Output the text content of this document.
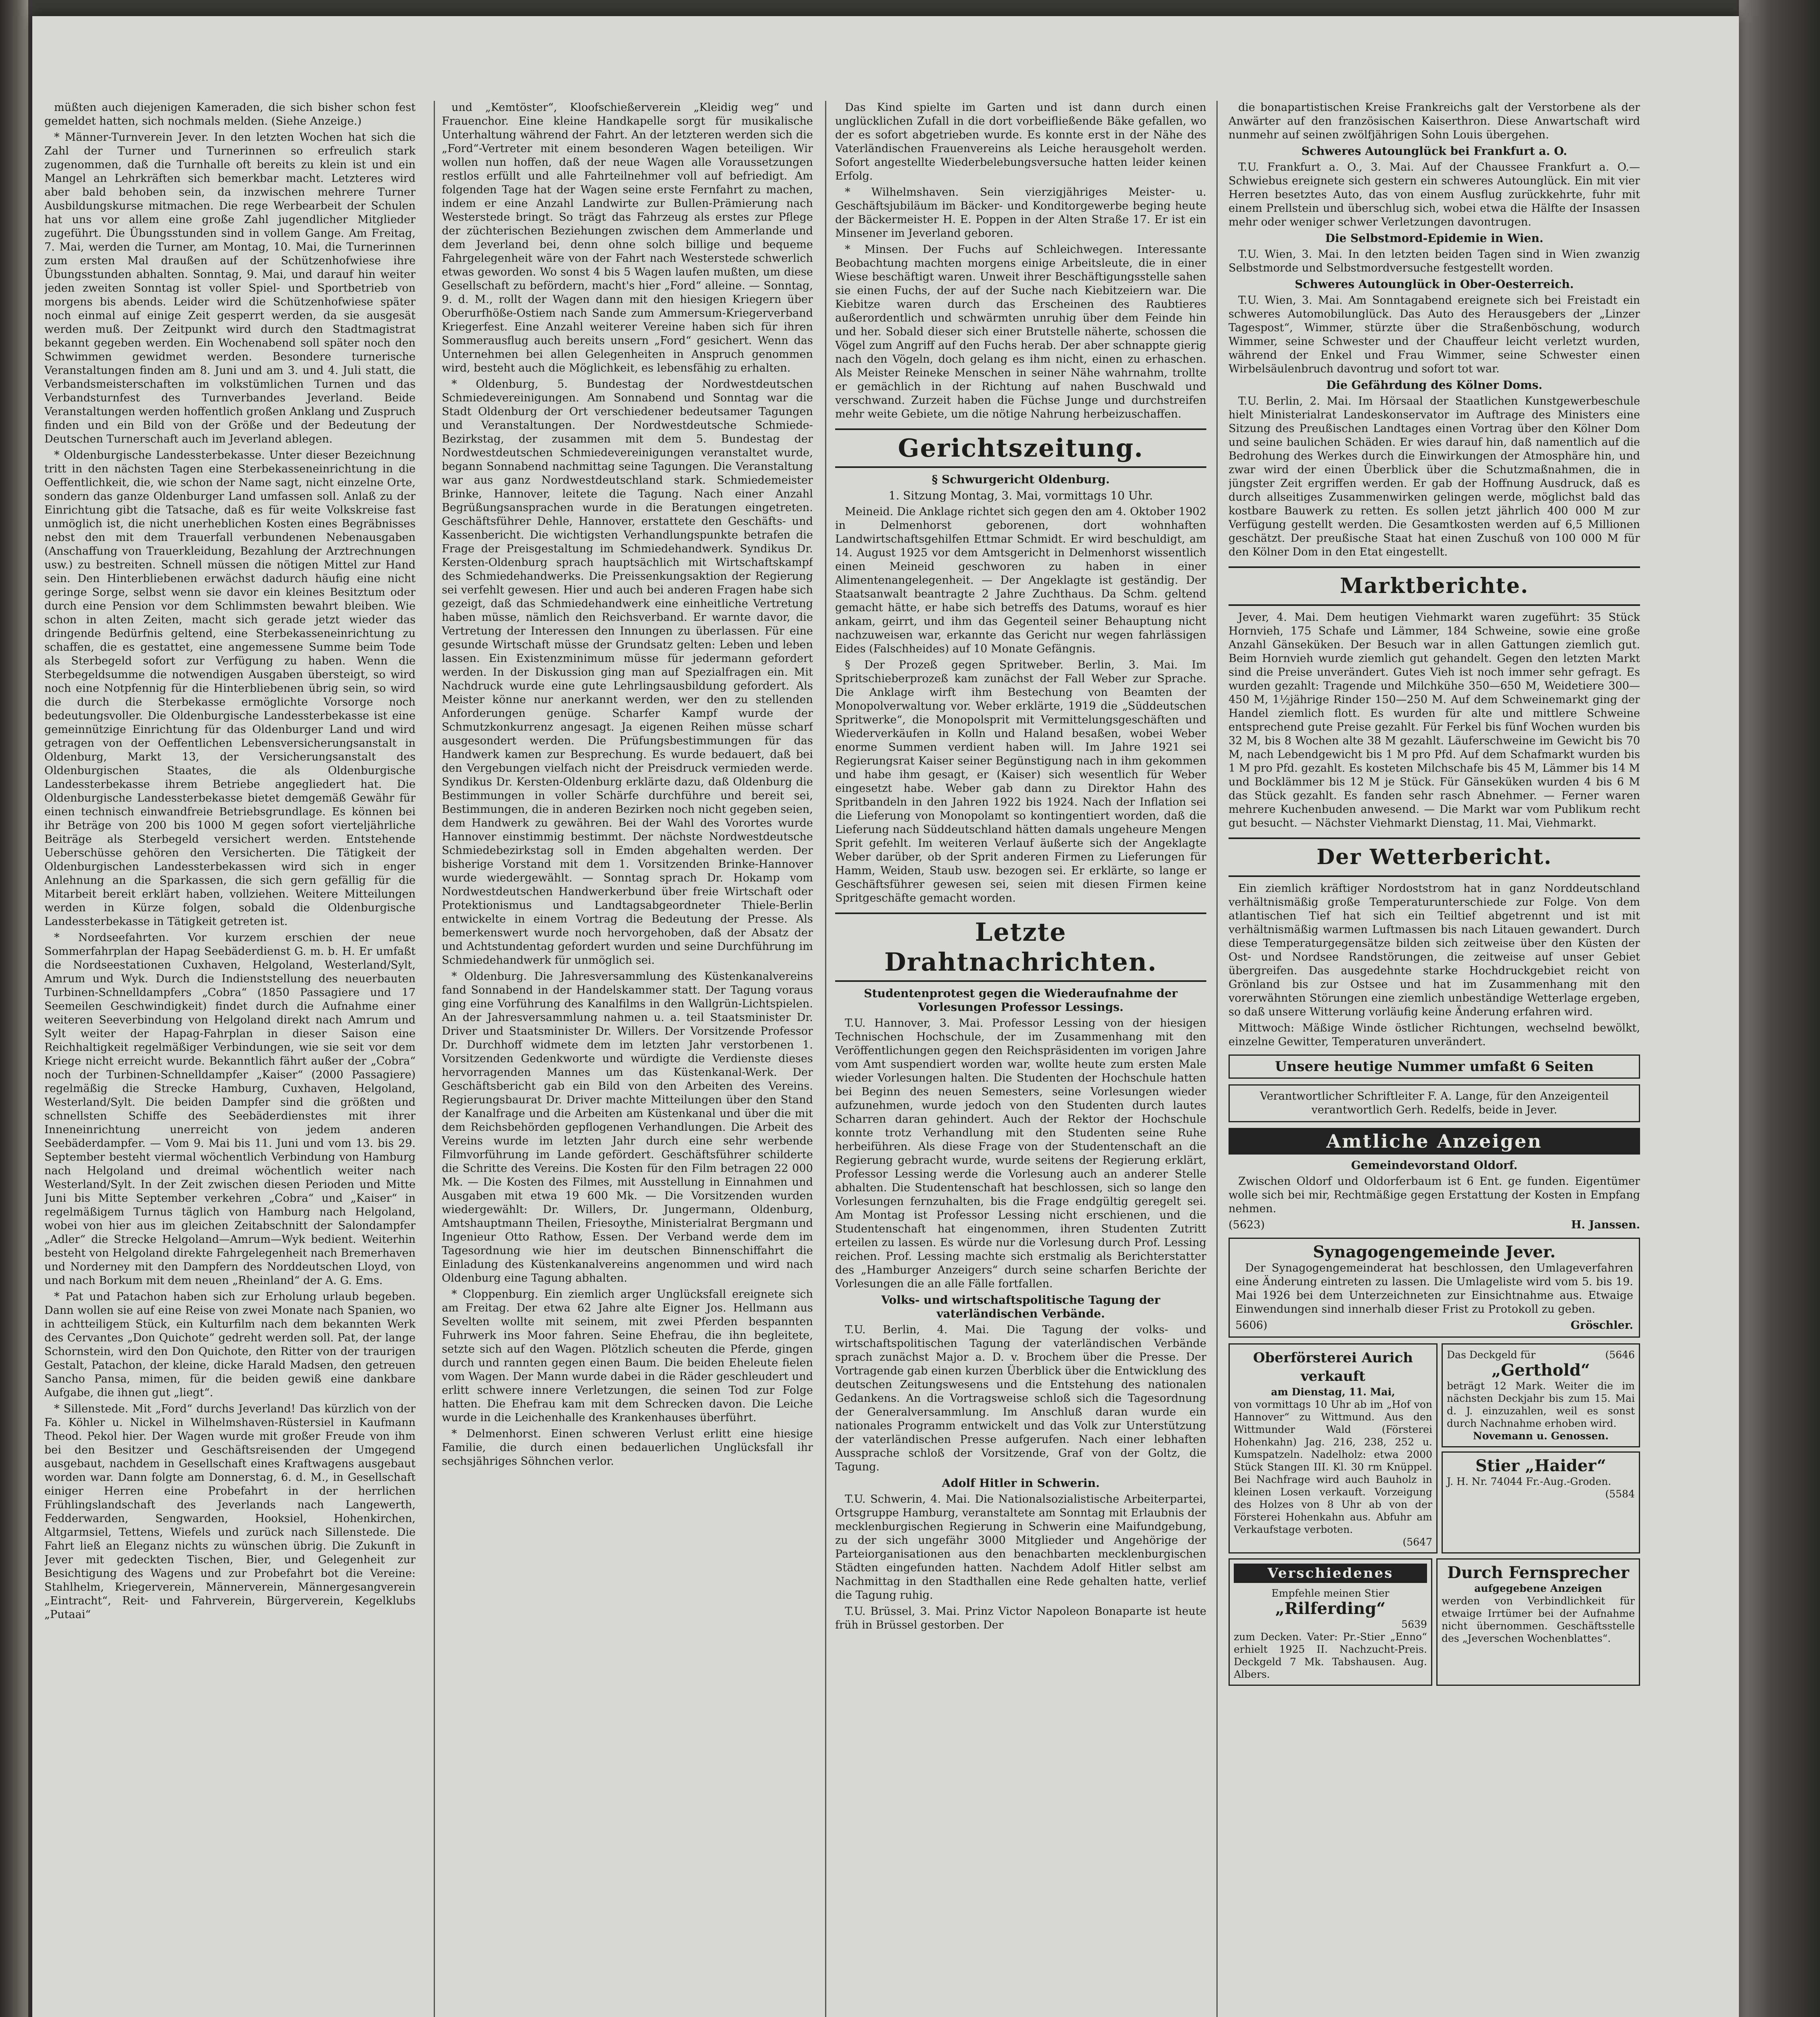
müßten auch diejenigen Kameraden, die sich bisher schon fest gemeldet hatten, sich nochmals melden. (Siehe Anzeige.)

* Männer-Turnverein Jever. In den letzten Wochen hat sich die Zahl der Turner und Turnerinnen so erfreulich stark zugenommen, daß die Turnhalle oft bereits zu klein ist und ein Mangel an Lehrkräften sich bemerkbar macht. Letzteres wird aber bald behoben sein, da inzwischen mehrere Turner Ausbildungskurse mitmachen. Die rege Werbearbeit der Schulen hat uns vor allem eine große Zahl jugendlicher Mitglieder zugeführt. Die Übungsstunden sind in vollem Gange. Am Freitag, 7. Mai, werden die Turner, am Montag, 10. Mai, die Turnerinnen zum ersten Mal draußen auf der Schützenhofwiese ihre Übungsstunden abhalten. Sonntag, 9. Mai, und darauf hin weiter jeden zweiten Sonntag ist voller Spiel- und Sportbetrieb von morgens bis abends. Leider wird die Schützenhofwiese später noch einmal auf einige Zeit gesperrt werden, da sie ausgesät werden muß. Der Zeitpunkt wird durch den Stadtmagistrat bekannt gegeben werden. Ein Wochenabend soll später noch den Schwimmen gewidmet werden. Besondere turnerische Veranstaltungen finden am 8. Juni und am 3. und 4. Juli statt, die Verbandsmeisterschaften im volkstümlichen Turnen und das Verbandsturnfest des Turnverbandes Jeverland. Beide Veranstaltungen werden hoffentlich großen Anklang und Zuspruch finden und ein Bild von der Größe und der Bedeutung der Deutschen Turnerschaft auch im Jeverland ablegen.

* Oldenburgische Landessterbekasse. Unter dieser Bezeichnung tritt in den nächsten Tagen eine Sterbekasseneinrichtung in die Oeffentlichkeit, die, wie schon der Name sagt, nicht einzelne Orte, sondern das ganze Oldenburger Land umfassen soll. Anlaß zu der Einrichtung gibt die Tatsache, daß es für weite Volkskreise fast unmöglich ist, die nicht unerheblichen Kosten eines Begräbnisses nebst den mit dem Trauerfall verbundenen Nebenausgaben (Anschaffung von Trauerkleidung, Bezahlung der Arztrechnungen usw.) zu bestreiten. Schnell müssen die nötigen Mittel zur Hand sein. Den Hinterbliebenen erwächst dadurch häufig eine nicht geringe Sorge, selbst wenn sie davor ein kleines Besitztum oder durch eine Pension vor dem Schlimmsten bewahrt bleiben. Wie schon in alten Zeiten, macht sich gerade jetzt wieder das dringende Bedürfnis geltend, eine Sterbekasseneinrichtung zu schaffen, die es gestattet, eine angemessene Summe beim Tode als Sterbegeld sofort zur Verfügung zu haben. Wenn die Sterbegeldsumme die notwendigen Ausgaben übersteigt, so wird noch eine Notpfennig für die Hinterbliebenen übrig sein, so wird die durch die Sterbekasse ermöglichte Vorsorge noch bedeutungsvoller. Die Oldenburgische Landessterbekasse ist eine gemeinnützige Einrichtung für das Oldenburger Land und wird getragen von der Oeffentlichen Lebensversicherungsanstalt in Oldenburg, Markt 13, der Versicherungsanstalt des Oldenburgischen Staates, die als Oldenburgische Landessterbekasse ihrem Betriebe angegliedert hat. Die Oldenburgische Landessterbekasse bietet demgemäß Gewähr für einen technisch einwandfreie Betriebsgrundlage. Es können bei ihr Beträge von 200 bis 1000 M gegen sofort vierteljährliche Beiträge als Sterbegeld versichert werden. Entstehende Ueberschüsse gehören den Versicherten. Die Tätigkeit der Oldenburgischen Landessterbekassen wird sich in enger Anlehnung an die Sparkassen, die sich gern gefällig für die Mitarbeit bereit erklärt haben, vollziehen. Weitere Mitteilungen werden in Kürze folgen, sobald die Oldenburgische Landessterbekasse in Tätigkeit getreten ist.

* Nordseefahrten. Vor kurzem erschien der neue Sommerfahrplan der Hapag Seebäderdienst G. m. b. H. Er umfaßt die Nordseestationen Cuxhaven, Helgoland, Westerland/Sylt, Amrum und Wyk. Durch die Indienststellung des neuerbauten Turbinen-Schnelldampfers „Cobra“ (1850 Passagiere und 17 Seemeilen Geschwindigkeit) findet durch die Aufnahme einer weiteren Seeverbindung von Helgoland direkt nach Amrum und Sylt weiter der Hapag-Fahrplan in dieser Saison eine Reichhaltigkeit regelmäßiger Verbindungen, wie sie seit vor dem Kriege nicht erreicht wurde. Bekanntlich fährt außer der „Cobra“ noch der Turbinen-Schnelldampfer „Kaiser“ (2000 Passagiere) regelmäßig die Strecke Hamburg, Cuxhaven, Helgoland, Westerland/Sylt. Die beiden Dampfer sind die größten und schnellsten Schiffe des Seebäderdienstes mit ihrer Inneneinrichtung unerreicht von jedem anderen Seebäderdampfer. — Vom 9. Mai bis 11. Juni und vom 13. bis 29. September besteht viermal wöchentlich Verbindung von Hamburg nach Helgoland und dreimal wöchentlich weiter nach Westerland/Sylt. In der Zeit zwischen diesen Perioden und Mitte Juni bis Mitte September verkehren „Cobra“ und „Kaiser“ in regelmäßigem Turnus täglich von Hamburg nach Helgoland, wobei von hier aus im gleichen Zeitabschnitt der Salondampfer „Adler“ die Strecke Helgoland—Amrum—Wyk bedient. Weiterhin besteht von Helgoland direkte Fahrgelegenheit nach Bremerhaven und Norderney mit den Dampfern des Norddeutschen Lloyd, von und nach Borkum mit dem neuen „Rheinland“ der A. G. Ems.

* Pat und Patachon haben sich zur Erholung urlaub begeben. Dann wollen sie auf eine Reise von zwei Monate nach Spanien, wo in achtteiligem Stück, ein Kulturfilm nach dem bekannten Werk des Cervantes „Don Quichote“ gedreht werden soll. Pat, der lange Schornstein, wird den Don Quichote, den Ritter von der traurigen Gestalt, Patachon, der kleine, dicke Harald Madsen, den getreuen Sancho Pansa, mimen, für die beiden gewiß eine dankbare Aufgabe, die ihnen gut „liegt“.

* Sillenstede. Mit „Ford“ durchs Jeverland! Das kürzlich von der Fa. Köhler u. Nickel in Wilhelmshaven-Rüstersiel in Kaufmann Theod. Pekol hier. Der Wagen wurde mit großer Freude von ihm bei den Besitzer und Geschäftsreisenden der Umgegend ausgebaut, nachdem in Gesellschaft eines Kraftwagens ausgebaut worden war. Dann folgte am Donnerstag, 6. d. M., in Gesellschaft einiger Herren eine Probefahrt in der herrlichen Frühlingslandschaft des Jeverlands nach Langewerth, Fedderwarden, Sengwarden, Hooksiel, Hohenkirchen, Altgarmsiel, Tettens, Wiefels und zurück nach Sillenstede. Die Fahrt ließ an Eleganz nichts zu wünschen übrig. Die Zukunft in Jever mit gedeckten Tischen, Bier, und Gelegenheit zur Besichtigung des Wagens und zur Probefahrt bot die Vereine: Stahlhelm, Kriegerverein, Männerverein, Männergesangverein „Eintracht“, Reit- und Fahrverein, Bürgerverein, Kegelklubs „Putaai“

und „Kemtöster“, Kloofschießerverein „Kleidig weg“ und Frauenchor. Eine kleine Handkapelle sorgt für musikalische Unterhaltung während der Fahrt. An der letzteren werden sich die „Ford“-Vertreter mit einem besonderen Wagen beteiligen. Wir wollen nun hoffen, daß der neue Wagen alle Voraussetzungen restlos erfüllt und alle Fahrteilnehmer voll auf befriedigt. Am folgenden Tage hat der Wagen seine erste Fernfahrt zu machen, indem er eine Anzahl Landwirte zur Bullen-Prämierung nach Westerstede bringt. So trägt das Fahrzeug als erstes zur Pflege der züchterischen Beziehungen zwischen dem Ammerlande und dem Jeverland bei, denn ohne solch billige und bequeme Fahrgelegenheit wäre von der Fahrt nach Westerstede schwerlich etwas geworden. Wo sonst 4 bis 5 Wagen laufen mußten, um diese Gesellschaft zu befördern, macht's hier „Ford“ alleine. — Sonntag, 9. d. M., rollt der Wagen dann mit den hiesigen Kriegern über Oberurfhöße-Ostiem nach Sande zum Ammersum-Kriegerverband Kriegerfest. Eine Anzahl weiterer Vereine haben sich für ihren Sommerausflug auch bereits unsern „Ford“ gesichert. Wenn das Unternehmen bei allen Gelegenheiten in Anspruch genommen wird, besteht auch die Möglichkeit, es lebensfähig zu erhalten.

* Oldenburg, 5. Bundestag der Nordwestdeutschen Schmiedevereinigungen. Am Sonnabend und Sonntag war die Stadt Oldenburg der Ort verschiedener bedeutsamer Tagungen und Veranstaltungen. Der Nordwestdeutsche Schmiede-Bezirkstag, der zusammen mit dem 5. Bundestag der Nordwestdeutschen Schmiedevereinigungen veranstaltet wurde, begann Sonnabend nachmittag seine Tagungen. Die Veranstaltung war aus ganz Nordwestdeutschland stark. Schmiedemeister Brinke, Hannover, leitete die Tagung. Nach einer Anzahl Begrüßungsansprachen wurde in die Beratungen eingetreten. Geschäftsführer Dehle, Hannover, erstattete den Geschäfts- und Kassenbericht. Die wichtigsten Verhandlungspunkte betrafen die Frage der Preisgestaltung im Schmiedehandwerk. Syndikus Dr. Kersten-Oldenburg sprach hauptsächlich mit Wirtschaftskampf des Schmiedehandwerks. Die Preissenkungsaktion der Regierung sei verfehlt gewesen. Hier und auch bei anderen Fragen habe sich gezeigt, daß das Schmiedehandwerk eine einheitliche Vertretung haben müsse, nämlich den Reichsverband. Er warnte davor, die Vertretung der Interessen den Innungen zu überlassen. Für eine gesunde Wirtschaft müsse der Grundsatz gelten: Leben und leben lassen. Ein Existenzminimum müsse für jedermann gefordert werden. In der Diskussion ging man auf Spezialfragen ein. Mit Nachdruck wurde eine gute Lehrlingsausbildung gefordert. Als Meister könne nur anerkannt werden, wer den zu stellenden Anforderungen genüge. Scharfer Kampf wurde der Schmutzkonkurrenz angesagt. Ja eigenen Reihen müsse scharf ausgesondert werden. Die Prüfungsbestimmungen für das Handwerk kamen zur Besprechung. Es wurde bedauert, daß bei den Vergebungen vielfach nicht der Preisdruck vermieden werde. Syndikus Dr. Kersten-Oldenburg erklärte dazu, daß Oldenburg die Bestimmungen in voller Schärfe durchführe und bereit sei, Bestimmungen, die in anderen Bezirken noch nicht gegeben seien, dem Handwerk zu gewähren. Bei der Wahl des Vorortes wurde Hannover einstimmig bestimmt. Der nächste Nordwestdeutsche Schmiedebezirkstag soll in Emden abgehalten werden. Der bisherige Vorstand mit dem 1. Vorsitzenden Brinke-Hannover wurde wiedergewählt. — Sonntag sprach Dr. Hokamp vom Nordwestdeutschen Handwerkerbund über freie Wirtschaft oder Protektionismus und Landtagsabgeordneter Thiele-Berlin entwickelte in einem Vortrag die Bedeutung der Presse. Als bemerkenswert wurde noch hervorgehoben, daß der Absatz der und Achtstundentag gefordert wurden und seine Durchführung im Schmiedehandwerk für unmöglich sei.

* Oldenburg. Die Jahresversammlung des Küstenkanalvereins fand Sonnabend in der Handelskammer statt. Der Tagung voraus ging eine Vorführung des Kanalfilms in den Wallgrün-Lichtspielen. An der Jahresversammlung nahmen u. a. teil Staatsminister Dr. Driver und Staatsminister Dr. Willers. Der Vorsitzende Professor Dr. Durchhoff widmete dem im letzten Jahr verstorbenen 1. Vorsitzenden Gedenkworte und würdigte die Verdienste dieses hervorragenden Mannes um das Küstenkanal-Werk. Der Geschäftsbericht gab ein Bild von den Arbeiten des Vereins. Regierungsbaurat Dr. Driver machte Mitteilungen über den Stand der Kanalfrage und die Arbeiten am Küstenkanal und über die mit dem Reichsbehörden gepflogenen Verhandlungen. Die Arbeit des Vereins wurde im letzten Jahr durch eine sehr werbende Filmvorführung im Lande gefördert. Geschäftsführer schilderte die Schritte des Vereins. Die Kosten für den Film betragen 22 000 Mk. — Die Kosten des Filmes, mit Ausstellung in Einnahmen und Ausgaben mit etwa 19 600 Mk. — Die Vorsitzenden wurden wiedergewählt: Dr. Willers, Dr. Jungermann, Oldenburg, Amtshauptmann Theilen, Friesoythe, Ministerialrat Bergmann und Ingenieur Otto Rathow, Essen. Der Verband werde dem im Tagesordnung wie hier im deutschen Binnenschiffahrt die Einladung des Küstenkanalvereins angenommen und wird nach Oldenburg eine Tagung abhalten.

* Cloppenburg. Ein ziemlich arger Unglücksfall ereignete sich am Freitag. Der etwa 62 Jahre alte Eigner Jos. Hellmann aus Sevelten wollte mit seinem, mit zwei Pferden bespannten Fuhrwerk ins Moor fahren. Seine Ehefrau, die ihn begleitete, setzte sich auf den Wagen. Plötzlich scheuten die Pferde, gingen durch und rannten gegen einen Baum. Die beiden Eheleute fielen vom Wagen. Der Mann wurde dabei in die Räder geschleudert und erlitt schwere innere Verletzungen, die seinen Tod zur Folge hatten. Die Ehefrau kam mit dem Schrecken davon. Die Leiche wurde in die Leichenhalle des Krankenhauses überführt.

* Delmenhorst. Einen schweren Verlust erlitt eine hiesige Familie, die durch einen bedauerlichen Unglücksfall ihr sechsjähriges Söhnchen verlor.

Das Kind spielte im Garten und ist dann durch einen unglücklichen Zufall in die dort vorbeifließende Bäke gefallen, wo der es sofort abgetrieben wurde. Es konnte erst in der Nähe des Vaterländischen Frauenvereins als Leiche herausgeholt werden. Sofort angestellte Wiederbelebungsversuche hatten leider keinen Erfolg.

* Wilhelmshaven. Sein vierzigjähriges Meister- u. Geschäftsjubiläum im Bäcker- und Konditorgewerbe beging heute der Bäckermeister H. E. Poppen in der Alten Straße 17. Er ist ein Minsener im Jeverland geboren.

* Minsen. Der Fuchs auf Schleichwegen. Interessante Beobachtung machten morgens einige Arbeitsleute, die in einer Wiese beschäftigt waren. Unweit ihrer Beschäftigungsstelle sahen sie einen Fuchs, der auf der Suche nach Kiebitzeiern war. Die Kiebitze waren durch das Erscheinen des Raubtieres außerordentlich und schwärmten unruhig über dem Feinde hin und her. Sobald dieser sich einer Brutstelle näherte, schossen die Vögel zum Angriff auf den Fuchs herab. Der aber schnappte gierig nach den Vögeln, doch gelang es ihm nicht, einen zu erhaschen. Als Meister Reineke Menschen in seiner Nähe wahrnahm, trollte er gemächlich in der Richtung auf nahen Buschwald und verschwand. Zurzeit haben die Füchse Junge und durchstreifen mehr weite Gebiete, um die nötige Nahrung herbeizuschaffen.

Gerichtszeitung.
§ Schwurgericht Oldenburg.
1. Sitzung Montag, 3. Mai, vormittags 10 Uhr.

Meineid. Die Anklage richtet sich gegen den am 4. Oktober 1902 in Delmenhorst geborenen, dort wohnhaften Landwirtschaftsgehilfen Ettmar Schmidt. Er wird beschuldigt, am 14. August 1925 vor dem Amtsgericht in Delmenhorst wissentlich einen Meineid geschworen zu haben in einer Alimentenangelegenheit. — Der Angeklagte ist geständig. Der Staatsanwalt beantragte 2 Jahre Zuchthaus. Da Schm. geltend gemacht hätte, er habe sich betreffs des Datums, worauf es hier ankam, geirrt, und ihm das Gegenteil seiner Behauptung nicht nachzuweisen war, erkannte das Gericht nur wegen fahrlässigen Eides (Falschheides) auf 10 Monate Gefängnis.

§ Der Prozeß gegen Spritweber. Berlin, 3. Mai. Im Spritschieberprozeß kam zunächst der Fall Weber zur Sprache. Die Anklage wirft ihm Bestechung von Beamten der Monopolverwaltung vor. Weber erklärte, 1919 die „Süddeutschen Spritwerke“, die Monopolsprit mit Vermittelungsgeschäften und Wiederverkäufen in Kolln und Haland besaßen, wobei Weber enorme Summen verdient haben will. Im Jahre 1921 sei Regierungsrat Kaiser seiner Begünstigung nach in ihm gekommen und habe ihm gesagt, er (Kaiser) sich wesentlich für Weber eingesetzt habe. Weber gab dann zu Direktor Hahn des Spritbandeln in den Jahren 1922 bis 1924. Nach der Inflation sei die Lieferung von Monopolamt so kontingentiert worden, daß die Lieferung nach Süddeutschland hätten damals ungeheure Mengen Sprit gefehlt. Im weiteren Verlauf äußerte sich der Angeklagte Weber darüber, ob der Sprit anderen Firmen zu Lieferungen für Hamm, Weiden, Staub usw. bezogen sei. Er erklärte, so lange er Geschäftsführer gewesen sei, seien mit diesen Firmen keine Spritgeschäfte gemacht worden.

Letzte Drahtnachrichten.
Studentenprotest gegen die Wiederaufnahme der Vorlesungen Professor Lessings.

T.U. Hannover, 3. Mai. Professor Lessing von der hiesigen Technischen Hochschule, der im Zusammenhang mit den Veröffentlichungen gegen den Reichspräsidenten im vorigen Jahre vom Amt suspendiert worden war, wollte heute zum ersten Male wieder Vorlesungen halten. Die Studenten der Hochschule hatten bei Beginn des neuen Semesters, seine Vorlesungen wieder aufzunehmen, wurde jedoch von den Studenten durch lautes Scharren daran gehindert. Auch der Rektor der Hochschule konnte trotz Verhandlung mit den Studenten seine Ruhe herbeiführen. Als diese Frage von der Studentenschaft an die Regierung gebracht wurde, wurde seitens der Regierung erklärt, Professor Lessing werde die Vorlesung auch an anderer Stelle abhalten. Die Studentenschaft hat beschlossen, sich so lange den Vorlesungen fernzuhalten, bis die Frage endgültig geregelt sei. Am Montag ist Professor Lessing nicht erschienen, und die Studentenschaft hat eingenommen, ihren Studenten Zutritt erteilen zu lassen. Es würde nur die Vorlesung durch Prof. Lessing reichen. Prof. Lessing machte sich erstmalig als Berichterstatter des „Hamburger Anzeigers“ durch seine scharfen Berichte der Vorlesungen die an alle Fälle fortfallen.

Volks- und wirtschaftspolitische Tagung der vaterländischen Verbände.

T.U. Berlin, 4. Mai. Die Tagung der volks- und wirtschaftspolitischen Tagung der vaterländischen Verbände sprach zunächst Major a. D. v. Brochem über die Presse. Der Vortragende gab einen kurzen Überblick über die Entwicklung des deutschen Zeitungswesens und die Entstehung des nationalen Gedankens. An die Vortragsweise schloß sich die Tagesordnung der Generalversammlung. Im Anschluß daran wurde ein nationales Programm entwickelt und das Volk zur Unterstützung der vaterländischen Presse aufgerufen. Nach einer lebhaften Aussprache schloß der Vorsitzende, Graf von der Goltz, die Tagung.

Adolf Hitler in Schwerin.

T.U. Schwerin, 4. Mai. Die Nationalsozialistische Arbeiterpartei, Ortsgruppe Hamburg, veranstaltete am Sonntag mit Erlaubnis der mecklenburgischen Regierung in Schwerin eine Maifundgebung, zu der sich ungefähr 3000 Mitglieder und Angehörige der Parteiorganisationen aus den benachbarten mecklenburgischen Städten eingefunden hatten. Nachdem Adolf Hitler selbst am Nachmittag in den Stadthallen eine Rede gehalten hatte, verlief die Tagung ruhig.

T.U. Brüssel, 3. Mai. Prinz Victor Napoleon Bonaparte ist heute früh in Brüssel gestorben. Der

die bonapartistischen Kreise Frankreichs galt der Verstorbene als der Anwärter auf den französischen Kaiserthron. Diese Anwartschaft wird nunmehr auf seinen zwölfjährigen Sohn Louis übergehen.

Schweres Autounglück bei Frankfurt a. O.

T.U. Frankfurt a. O., 3. Mai. Auf der Chaussee Frankfurt a. O.—Schwiebus ereignete sich gestern ein schweres Autounglück. Ein mit vier Herren besetztes Auto, das von einem Ausflug zurückkehrte, fuhr mit einem Prellstein und überschlug sich, wobei etwa die Hälfte der Insassen mehr oder weniger schwer Verletzungen davontrugen.

Die Selbstmord-Epidemie in Wien.

T.U. Wien, 3. Mai. In den letzten beiden Tagen sind in Wien zwanzig Selbstmorde und Selbstmordversuche festgestellt worden.

Schweres Autounglück in Ober-Oesterreich.

T.U. Wien, 3. Mai. Am Sonntagabend ereignete sich bei Freistadt ein schweres Automobilunglück. Das Auto des Herausgebers der „Linzer Tagespost“, Wimmer, stürzte über die Straßenböschung, wodurch Wimmer, seine Schwester und der Chauffeur leicht verletzt wurden, während der Enkel und Frau Wimmer, seine Schwester einen Wirbelsäulenbruch davontrug und sofort tot war.

Die Gefährdung des Kölner Doms.

T.U. Berlin, 2. Mai. Im Hörsaal der Staatlichen Kunstgewerbeschule hielt Ministerialrat Landeskonservator im Auftrage des Ministers eine Sitzung des Preußischen Landtages einen Vortrag über den Kölner Dom und seine baulichen Schäden. Er wies darauf hin, daß namentlich auf die Bedrohung des Werkes durch die Einwirkungen der Atmosphäre hin, und zwar wird der einen Überblick über die Schutzmaßnahmen, die in jüngster Zeit ergriffen werden. Er gab der Hoffnung Ausdruck, daß es durch allseitiges Zusammenwirken gelingen werde, möglichst bald das kostbare Bauwerk zu retten. Es sollen jetzt jährlich 400 000 M zur Verfügung gestellt werden. Die Gesamtkosten werden auf 6,5 Millionen geschätzt. Der preußische Staat hat einen Zuschuß von 100 000 M für den Kölner Dom in den Etat eingestellt.

Marktberichte.

Jever, 4. Mai. Dem heutigen Viehmarkt waren zugeführt: 35 Stück Hornvieh, 175 Schafe und Lämmer, 184 Schweine, sowie eine große Anzahl Gänseküken. Der Besuch war in allen Gattungen ziemlich gut. Beim Hornvieh wurde ziemlich gut gehandelt. Gegen den letzten Markt sind die Preise unverändert. Gutes Vieh ist noch immer sehr gefragt. Es wurden gezahlt: Tragende und Milchkühe 350—650 M, Weidetiere 300—450 M, 1½jährige Rinder 150—250 M. Auf dem Schweinemarkt ging der Handel ziemlich flott. Es wurden für alte und mittlere Schweine entsprechend gute Preise gezahlt. Für Ferkel bis fünf Wochen wurden bis 32 M, bis 8 Wochen alte 38 M gezahlt. Läuferschweine im Gewicht bis 70 M, nach Lebendgewicht bis 1 M pro Pfd. Auf dem Schafmarkt wurden bis 1 M pro Pfd. gezahlt. Es kosteten Milchschafe bis 45 M, Lämmer bis 14 M und Bocklämmer bis 12 M je Stück. Für Gänseküken wurden 4 bis 6 M das Stück gezahlt. Es fanden sehr rasch Abnehmer. — Ferner waren mehrere Kuchenbuden anwesend. — Die Markt war vom Publikum recht gut besucht. — Nächster Viehmarkt Dienstag, 11. Mai, Viehmarkt.

Der Wetterbericht.

Ein ziemlich kräftiger Nordoststrom hat in ganz Norddeutschland verhältnismäßig große Temperaturunterschiede zur Folge. Von dem atlantischen Tief hat sich ein Teiltief abgetrennt und ist mit verhältnismäßig warmen Luftmassen bis nach Litauen gewandert. Durch diese Temperaturgegensätze bilden sich zeitweise über den Küsten der Ost- und Nordsee Randstörungen, die zeitweise auf unser Gebiet übergreifen. Das ausgedehnte starke Hochdruckgebiet reicht von Grönland bis zur Ostsee und hat im Zusammenhang mit den vorerwähnten Störungen eine ziemlich unbeständige Wetterlage ergeben, so daß unsere Witterung vorläufig keine Änderung erfahren wird.

Mittwoch: Mäßige Winde östlicher Richtungen, wechselnd bewölkt, einzelne Gewitter, Temperaturen unverändert.

Unsere heutige Nummer umfaßt 6 Seiten
Verantwortlicher Schriftleiter F. A. Lange, für den Anzeigenteil verantwortlich Gerh. Redelfs, beide in Jever.
Amtliche Anzeigen
Gemeindevorstand Oldorf.

Zwischen Oldorf und Oldorferbaum ist 6 Ent. ge funden. Eigentümer wolle sich bei mir, Rechtmäßige gegen Erstattung der Kosten in Empfang nehmen.

(5623)	H. Janssen.
Synagogengemeinde Jever.

Der Synagogengemeinderat hat beschlossen, den Umlageverfahren eine Änderung eintreten zu lassen. Die Umlageliste wird vom 5. bis 19. Mai 1926 bei dem Unterzeichneten zur Einsichtnahme aus. Etwaige Einwendungen sind innerhalb dieser Frist zu Protokoll zu geben.

5606)	Gröschler.
Oberförsterei Aurich verkauft
am Dienstag, 11. Mai,
von vormittags 10 Uhr ab im „Hof von Hannover“ zu Wittmund. Aus den Wittmunder Wald (Försterei Hohenkahn) Jag. 216, 238, 252 u. Kumspatzeln. Nadelholz: etwa 2000 Stück Stangen III. Kl. 30 rm Knüppel. Bei Nachfrage wird auch Bauholz in kleinen Losen verkauft. Vorzeigung des Holzes von 8 Uhr ab von der Försterei Hohenkahn aus. Abfuhr am Verkaufstage verboten.
(5647
Das Deckgeld für	(5646
„Gerthold“
beträgt 12 Mark. Weiter die im nächsten Deckjahr bis zum 15. Mai d. J. einzuzahlen, weil es sonst durch Nachnahme erhoben wird.
Novemann u. Genossen.
Stier „Haider“
J. H. Nr. 74044 Fr.-Aug.-Groden.
(5584
Verschiedenes
Empfehle meinen Stier
„Rilferding“
5639
zum Decken. Vater: Pr.-Stier „Enno“ erhielt 1925 II. Nachzucht-Preis. Deckgeld 7 Mk. Tabshausen. Aug. Albers.
Durch Fernsprecher
aufgegebene Anzeigen
werden von Verbindlichkeit für etwaige Irrtümer bei der Aufnahme nicht übernommen. Geschäftsstelle des „Jeverschen Wochenblattes“.
